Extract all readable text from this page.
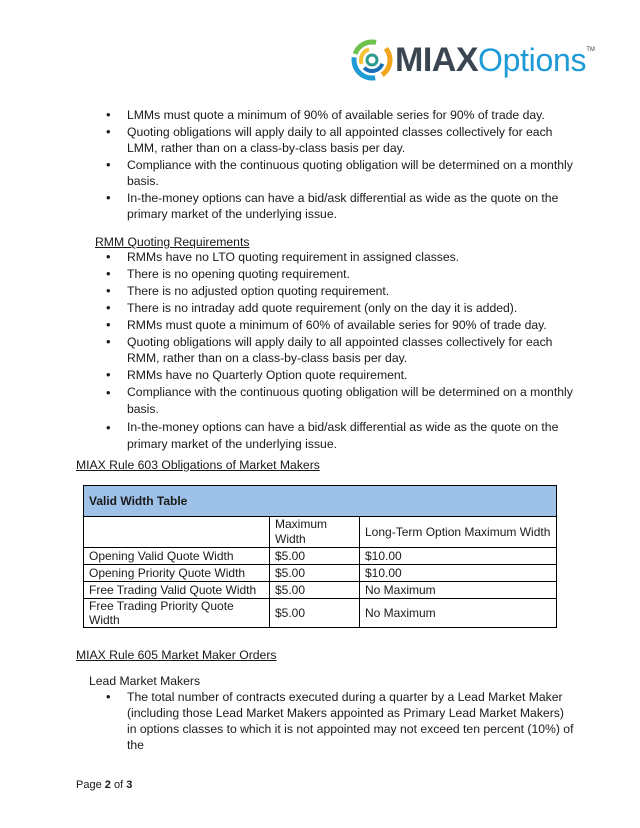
MIAXOptions™
• LMMs must quote a minimum of 90% of available series for 90% of trade day.
• Quoting obligations will apply daily to all appointed classes collectively for each LMM, rather than on a class-by-class basis per day.
• Compliance with the continuous quoting obligation will be determined on a monthly basis.
• In-the-money options can have a bid/ask differential as wide as the quote on the primary market of the underlying issue.
RMM Quoting Requirements
• RMMs have no LTO quoting requirement in assigned classes.
• There is no opening quoting requirement.
• There is no adjusted option quoting requirement.
• There is no intraday add quote requirement (only on the day it is added).
• RMMs must quote a minimum of 60% of available series for 90% of trade day.
• Quoting obligations will apply daily to all appointed classes collectively for each RMM, rather than on a class-by-class basis per day.
• RMMs have no Quarterly Option quote requirement.
• Compliance with the continuous quoting obligation will be determined on a monthly basis.
• In-the-money options can have a bid/ask differential as wide as the quote on the primary market of the underlying issue.
MIAX Rule 603 Obligations of Market Makers
Valid Width Table		
	Maximum Width	Long-Term Option Maximum Width
Opening Valid Quote Width	$5.00	$10.00
Opening Priority Quote Width	$5.00	$10.00
Free Trading Valid Quote Width	$5.00	No Maximum
Free Trading Priority Quote Width	$5.00	No Maximum
MIAX Rule 605 Market Maker Orders
Lead Market Makers
• The total number of contracts executed during a quarter by a Lead Market Maker (including those Lead Market Makers appointed as Primary Lead Market Makers) in options classes to which it is not appointed may not exceed ten percent (10%) of the
Page 2 of 3
